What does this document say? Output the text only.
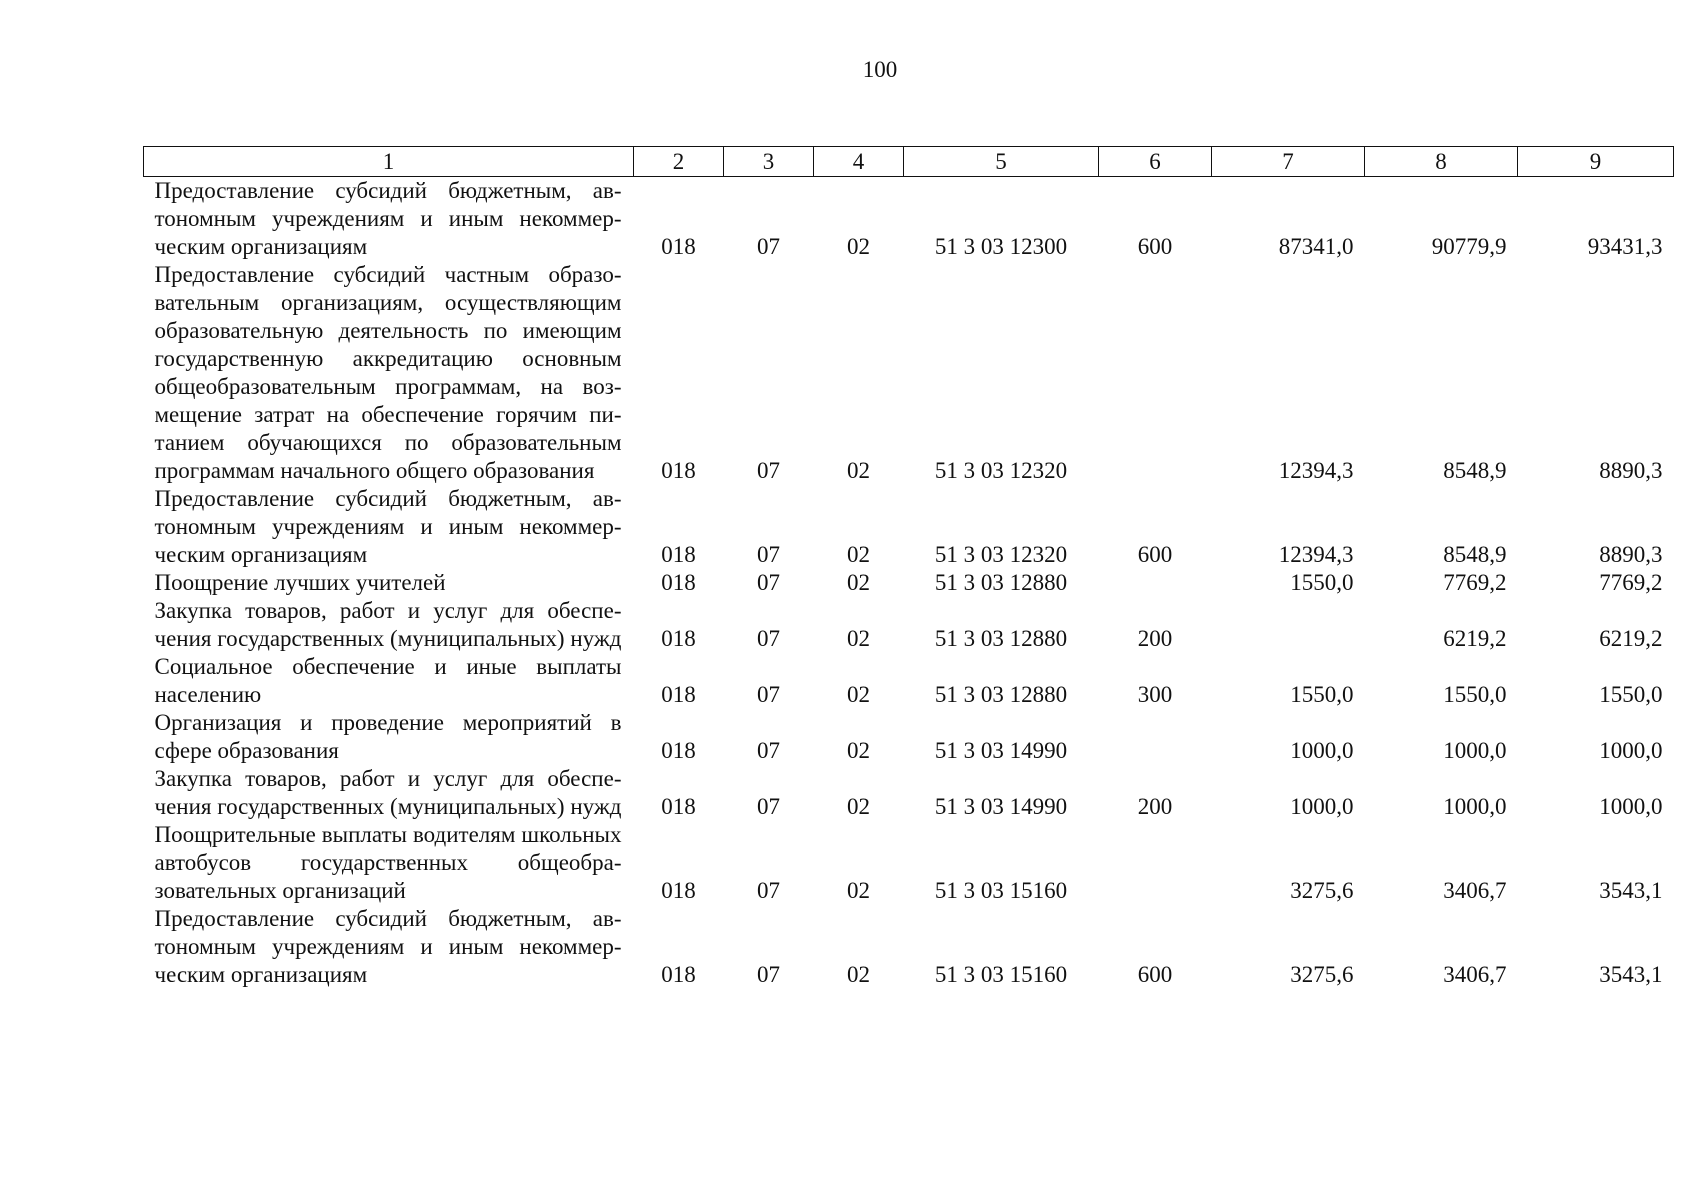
100
1	2	3	4	5	6	7	8	9
Предоставление субсидий бюджетным, автономным учреждениям и иным некоммерческим организациям	018	07	02	51 3 03 12300	600	87341,0	90779,9	93431,3
Предоставление субсидий частным образовательным организациям, осуществляющим образовательную деятельность по имеющим государственную аккредитацию основным общеобразовательным программам, на возмещение затрат на обеспечение горячим питанием обучающихся по образовательным программам начального общего образования	018	07	02	51 3 03 12320		12394,3	8548,9	8890,3
Предоставление субсидий бюджетным, автономным учреждениям и иным некоммерческим организациям	018	07	02	51 3 03 12320	600	12394,3	8548,9	8890,3
Поощрение лучших учителей	018	07	02	51 3 03 12880		1550,0	7769,2	7769,2
Закупка товаров, работ и услуг для обеспечения государственных (муниципальных) нужд	018	07	02	51 3 03 12880	200		6219,2	6219,2
Социальное обеспечение и иные выплаты населению	018	07	02	51 3 03 12880	300	1550,0	1550,0	1550,0
Организация и проведение мероприятий в сфере образования	018	07	02	51 3 03 14990		1000,0	1000,0	1000,0
Закупка товаров, работ и услуг для обеспечения государственных (муниципальных) нужд	018	07	02	51 3 03 14990	200	1000,0	1000,0	1000,0
Поощрительные выплаты водителям школьных автобусов государственных общеобразовательных организаций	018	07	02	51 3 03 15160		3275,6	3406,7	3543,1
Предоставление субсидий бюджетным, автономным учреждениям и иным некоммерческим организациям	018	07	02	51 3 03 15160	600	3275,6	3406,7	3543,1
